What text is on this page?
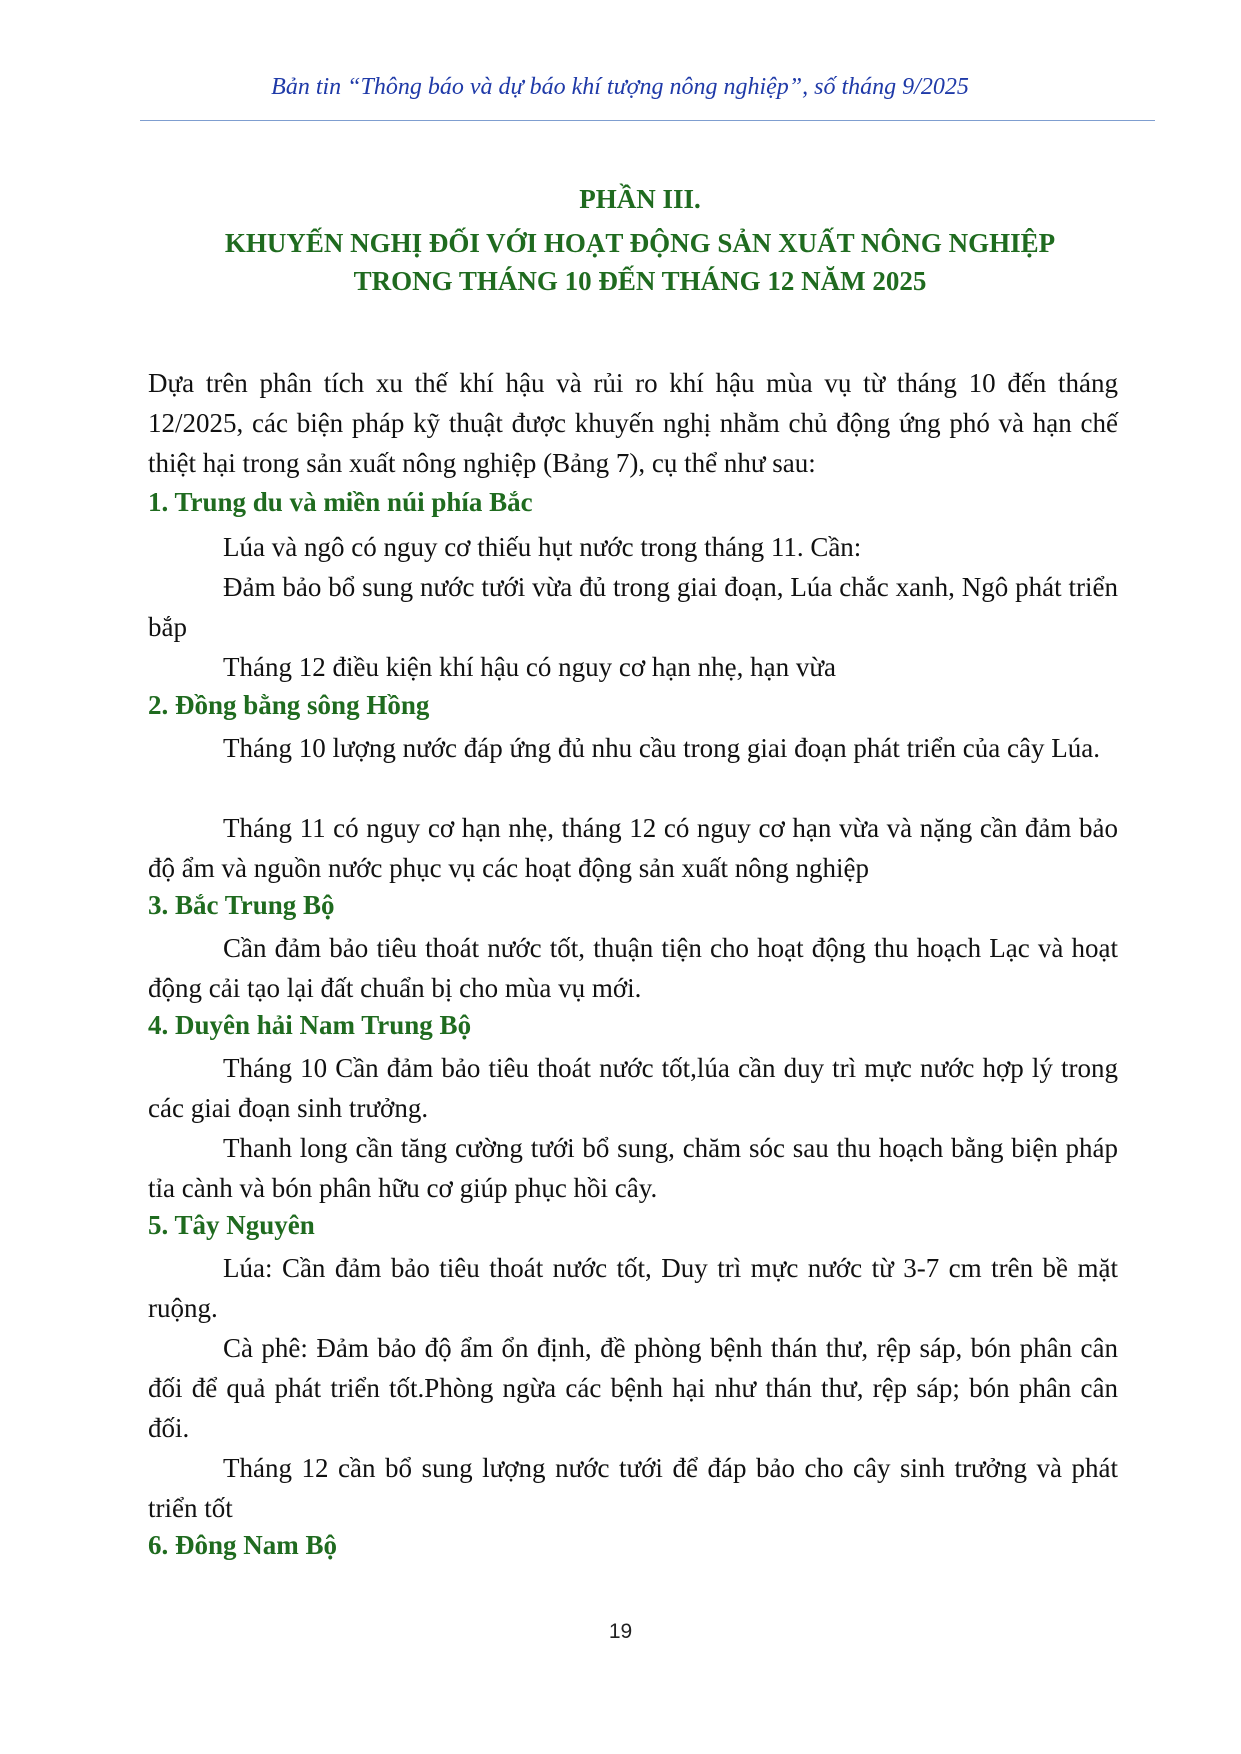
Bản tin “Thông báo và dự báo khí tượng nông nghiệp”, số tháng 9/2025
PHẦN III.
KHUYẾN NGHỊ ĐỐI VỚI HOẠT ĐỘNG SẢN XUẤT NÔNG NGHIỆP
TRONG THÁNG 10 ĐẾN THÁNG 12 NĂM 2025
Dựa trên phân tích xu thế khí hậu và rủi ro khí hậu mùa vụ từ tháng 10 đến tháng 12/2025, các biện pháp kỹ thuật được khuyến nghị nhằm chủ động ứng phó và hạn chế thiệt hại trong sản xuất nông nghiệp (Bảng 7), cụ thể như sau:
1. Trung du và miền núi phía Bắc
Lúa và ngô có nguy cơ thiếu hụt nước trong tháng 11. Cần:
Đảm bảo bổ sung nước tưới vừa đủ trong giai đoạn, Lúa chắc xanh, Ngô phát triển bắp
Tháng 12 điều kiện khí hậu có nguy cơ hạn nhẹ, hạn vừa
2. Đồng bằng sông Hồng
Tháng 10 lượng nước đáp ứng đủ nhu cầu trong giai đoạn phát triển của cây Lúa.
Tháng 11 có nguy cơ hạn nhẹ, tháng 12 có nguy cơ hạn vừa và nặng cần đảm bảo độ ẩm và nguồn nước phục vụ các hoạt động sản xuất nông nghiệp
3. Bắc Trung Bộ
Cần đảm bảo tiêu thoát nước tốt, thuận tiện cho hoạt động thu hoạch Lạc và hoạt động cải tạo lại đất chuẩn bị cho mùa vụ mới.
4. Duyên hải Nam Trung Bộ
Tháng 10 Cần đảm bảo tiêu thoát nước tốt,lúa cần duy trì mực nước hợp lý trong các giai đoạn sinh trưởng.
Thanh long cần tăng cường tưới bổ sung, chăm sóc sau thu hoạch bằng biện pháp tỉa cành và bón phân hữu cơ giúp phục hồi cây.
5. Tây Nguyên
Lúa: Cần đảm bảo tiêu thoát nước tốt, Duy trì mực nước từ 3-7 cm trên bề mặt ruộng.
Cà phê: Đảm bảo độ ẩm ổn định, đề phòng bệnh thán thư, rệp sáp, bón phân cân đối để quả phát triển tốt.Phòng ngừa các bệnh hại như thán thư, rệp sáp; bón phân cân đối.
Tháng 12 cần bổ sung lượng nước tưới để đáp bảo cho cây sinh trưởng và phát triển tốt
6. Đông Nam Bộ
19
